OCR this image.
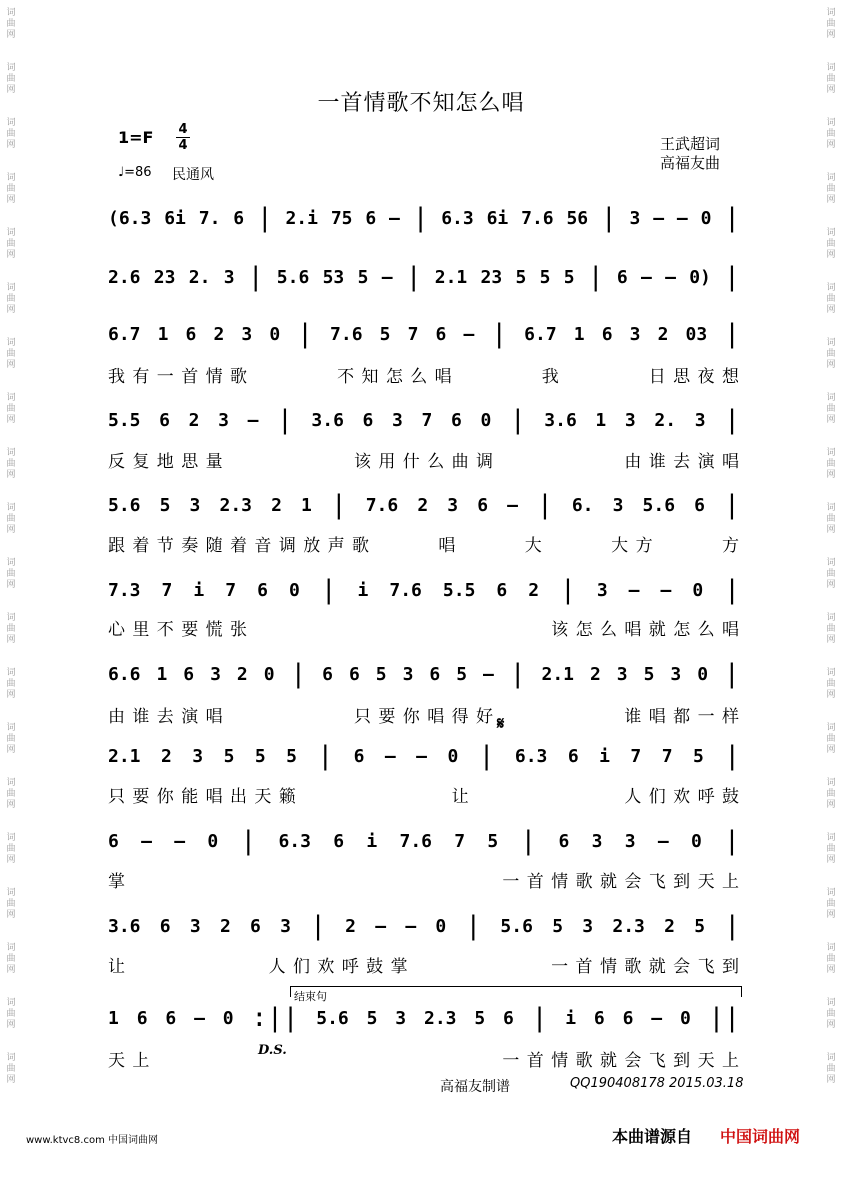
词
曲
网

词
曲
网

词
曲
网

词
曲
网

词
曲
网

词
曲
网

词
曲
网

词
曲
网

词
曲
网

词
曲
网

词
曲
网

词
曲
网

词
曲
网

词
曲
网

词
曲
网

词
曲
网

词
曲
网

词
曲
网

词
曲
网

词
曲
网

词
曲
网

词
曲
网

词
曲
网

词
曲
网

词
曲
网

词
曲
网

词
曲
网

词
曲
网

词
曲
网

词
曲
网

词
曲
网

词
曲
网

词
曲
网

词
曲
网

词
曲
网

词
曲
网

词
曲
网

词
曲
网

词
曲
网

词
曲
网

一首情歌不知怎么唱
1=F 4
4
♩=86 民通风
王武超词
高福友曲
(6.3 6i 7. 6 | 2.i 75 6 – | 6.3 6i 7.6 56 | 3 – – 0 |
2.6 23 2. 3 | 5.6 53 5 – | 2.1 23 5 5 5 | 6 – – 0) |
6.7 1 6 2 3 0 | 7.6 5 7 6 – | 6.7 1 6 3 2 03 |
5.5 6 2 3 – | 3.6 6 3 7 6 0 | 3.6 1 3 2. 3 |
5.6 5 3 2.3 2 1 | 7.6 2 3 6 – | 6. 3 5.6 6 |
7.3 7 i 7 6 0 | i 7.6 5.5 6 2 | 3 – – 0 |
6.6 1 6 3 2 0 | 6 6 5 3 6 5 – | 2.1 2 3 5 3 0 |
2.1 2 3 5 5 5 | 6 – – 0 | 6.3 6 i 7 7 5 |
6 – – 0 | 6.3 6 i 7.6 7 5 | 6 3 3 – 0 |
3.6 6 3 2 6 3 | 2 – – 0 | 5.6 5 3 2.3 2 5 |
1 6 6 – 0 :|| 5.6 5 3 2.3 5 6 | i 6 6 – 0 ||
我 有 一 首 情 歌	不 知 怎 么 唱	我	日 思 夜 想
反 复 地 思 量	该 用 什 么 曲 调	由 谁 去 演 唱
跟 着 节 奏 随 着 音 调 放 声 歌	唱	大	大 方	方
心 里 不 要 慌 张	该 怎 么 唱 就 怎 么 唱
由 谁 去 演 唱	只 要 你 唱 得 好	谁 唱 都 一 样
只 要 你 能 唱 出 天 籁	让	人 们 欢 呼 鼓
掌	一 首 情 歌 就 会 飞 到 天 上
让	人 们 欢 呼 鼓 掌	一 首 情 歌 就 会 飞 到
天 上	一 首 情 歌 就 会 飞 到 天 上
𝄋
结束句
D.S.
高福友制谱	QQ190408178 2015.03.18
www.ktvc8.com 中国词曲网	本曲谱源自 中国词曲网
